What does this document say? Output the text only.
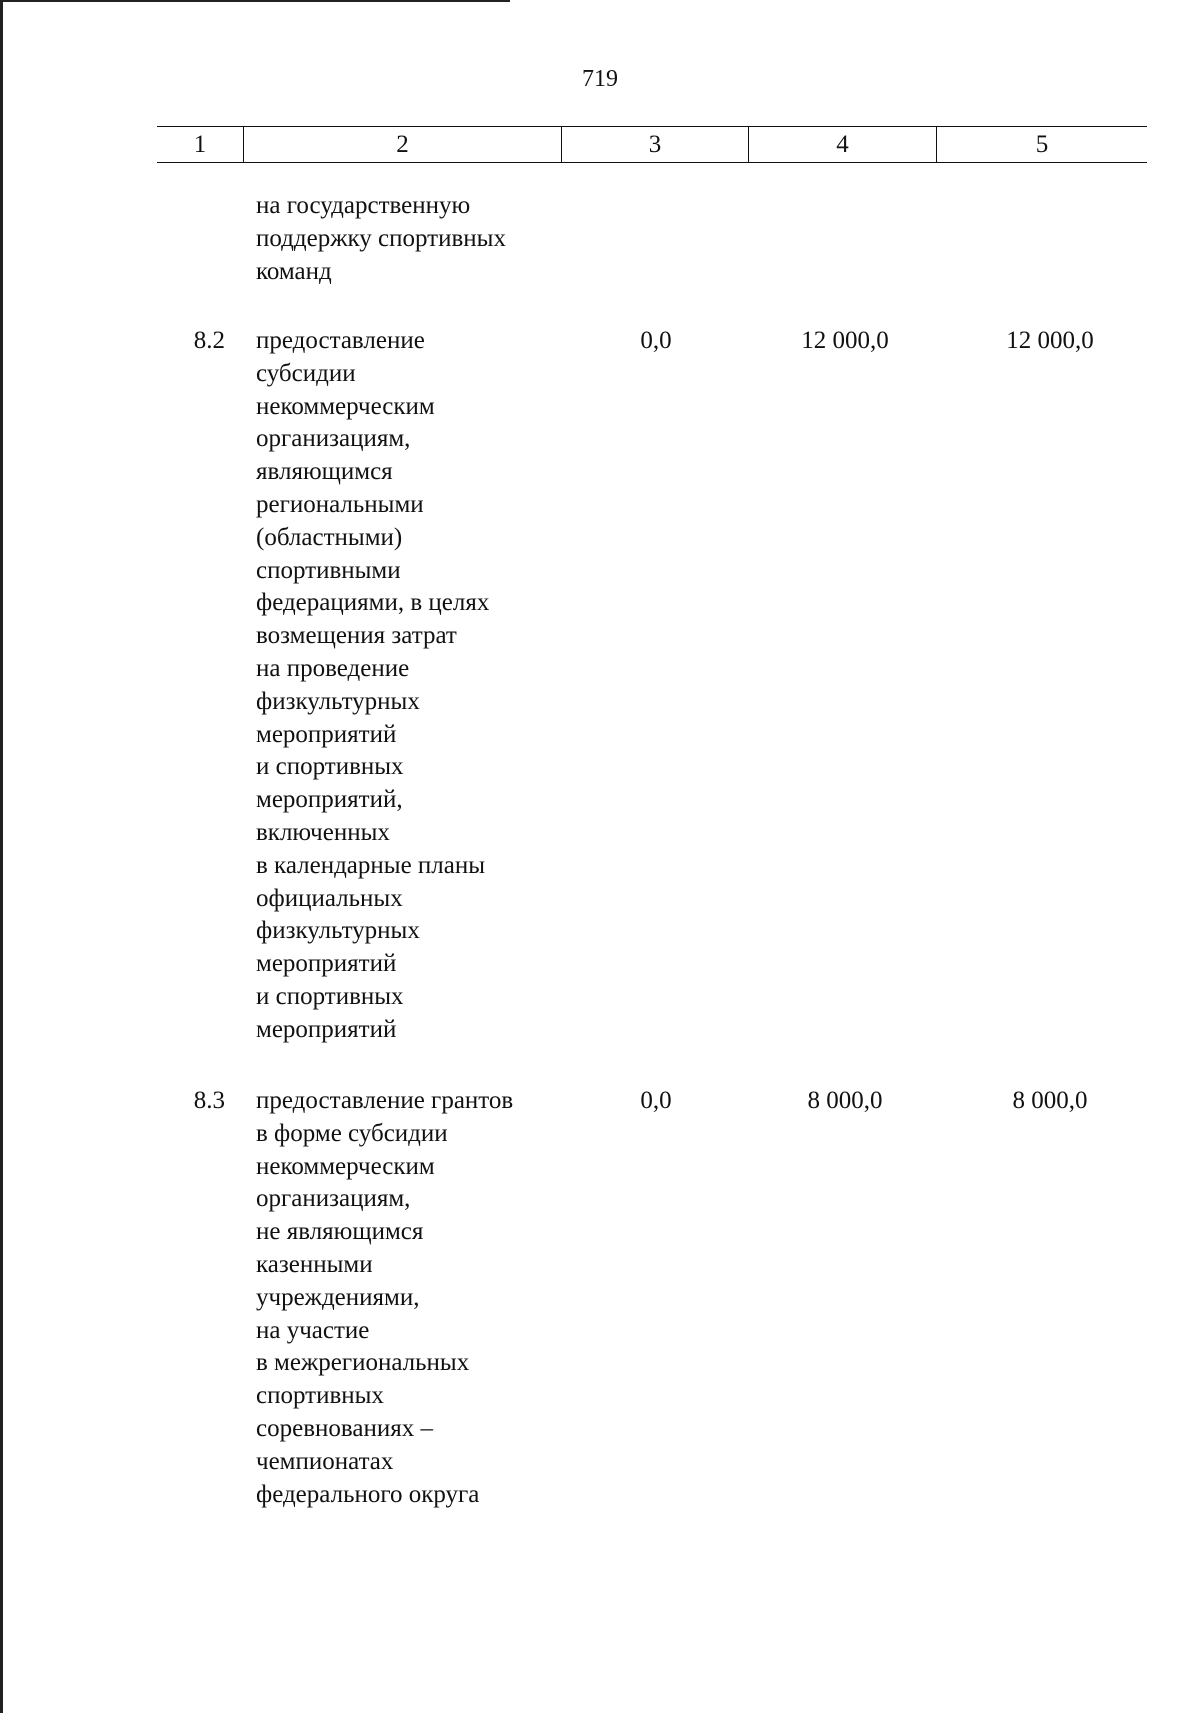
719
1	2	3	4	5
на государственную
поддержку спортивных
команд
8.2 предоставление
субсидии
некоммерческим
организациям,
являющимся
региональными
(областными)
спортивными
федерациями, в целях
возмещения затрат
на проведение
физкультурных
мероприятий
и спортивных
мероприятий,
включенных
в календарные планы
официальных
физкультурных
мероприятий
и спортивных
мероприятий
0,0	12 000,0	12 000,0
8.3 предоставление грантов
в форме субсидии
некоммерческим
организациям,
не являющимся
казенными
учреждениями,
на участие
в межрегиональных
спортивных
соревнованиях –
чемпионатах
федерального округа
0,0	8 000,0	8 000,0
